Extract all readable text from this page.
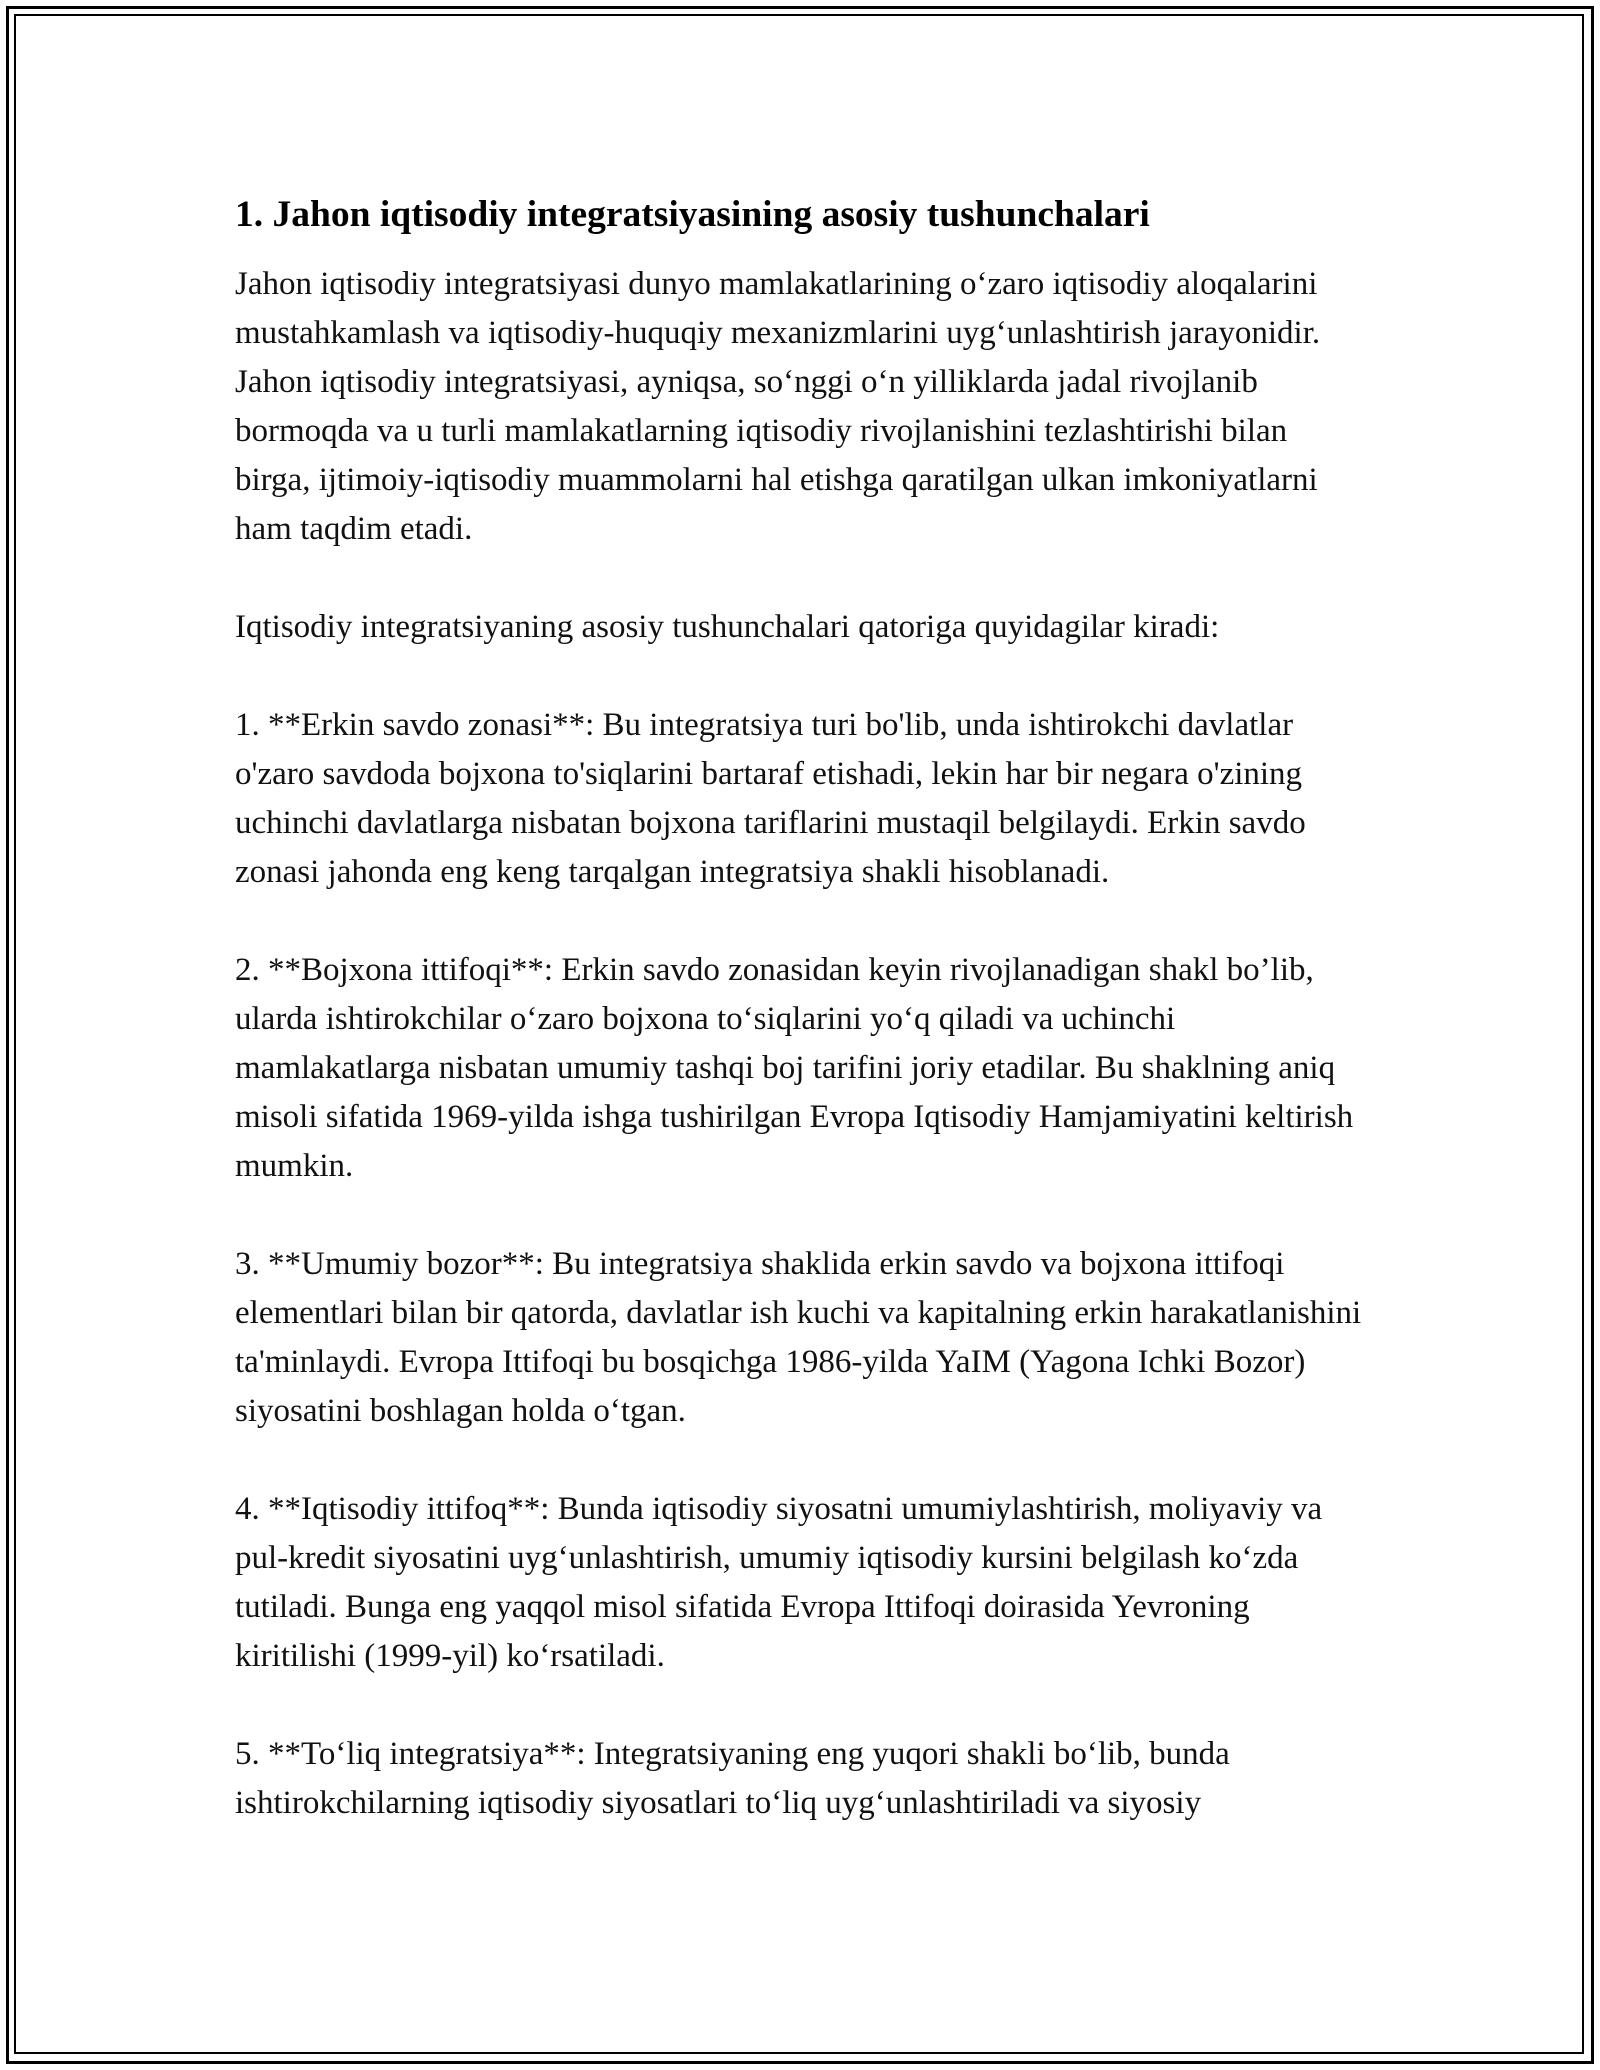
1. Jahon iqtisodiy integratsiyasining asosiy tushunchalari

Jahon iqtisodiy integratsiyasi dunyo mamlakatlarining o‘zaro iqtisodiy aloqalarini mustahkamlash va iqtisodiy-huquqiy mexanizmlarini uyg‘unlashtirish jarayonidir. Jahon iqtisodiy integratsiyasi, ayniqsa, so‘nggi o‘n yilliklarda jadal rivojlanib bormoqda va u turli mamlakatlarning iqtisodiy rivojlanishini tezlashtirishi bilan birga, ijtimoiy-iqtisodiy muammolarni hal etishga qaratilgan ulkan imkoniyatlarni ham taqdim etadi.

Iqtisodiy integratsiyaning asosiy tushunchalari qatoriga quyidagilar kiradi:

1. **Erkin savdo zonasi**: Bu integratsiya turi bo'lib, unda ishtirokchi davlatlar o'zaro savdoda bojxona to'siqlarini bartaraf etishadi, lekin har bir negara o'zining uchinchi davlatlarga nisbatan bojxona tariflarini mustaqil belgilaydi. Erkin savdo zonasi jahonda eng keng tarqalgan integratsiya shakli hisoblanadi.

2. **Bojxona ittifoqi**: Erkin savdo zonasidan keyin rivojlanadigan shakl bo’lib, ularda ishtirokchilar o‘zaro bojxona to‘siqlarini yo‘q qiladi va uchinchi mamlakatlarga nisbatan umumiy tashqi boj tarifini joriy etadilar. Bu shaklning aniq misoli sifatida 1969-yilda ishga tushirilgan Evropa Iqtisodiy Hamjamiyatini keltirish mumkin.

3. **Umumiy bozor**: Bu integratsiya shaklida erkin savdo va bojxona ittifoqi elementlari bilan bir qatorda, davlatlar ish kuchi va kapitalning erkin harakatlanishini ta'minlaydi. Evropa Ittifoqi bu bosqichga 1986-yilda YaIM (Yagona Ichki Bozor) siyosatini boshlagan holda o‘tgan.

4. **Iqtisodiy ittifoq**: Bunda iqtisodiy siyosatni umumiylashtirish, moliyaviy va pul-kredit siyosatini uyg‘unlashtirish, umumiy iqtisodiy kursini belgilash ko‘zda tutiladi. Bunga eng yaqqol misol sifatida Evropa Ittifoqi doirasida Yevroning kiritilishi (1999-yil) ko‘rsatiladi.

5. **To‘liq integratsiya**: Integratsiyaning eng yuqori shakli bo‘lib, bunda ishtirokchilarning iqtisodiy siyosatlari to‘liq uyg‘unlashtiriladi va siyosiy
